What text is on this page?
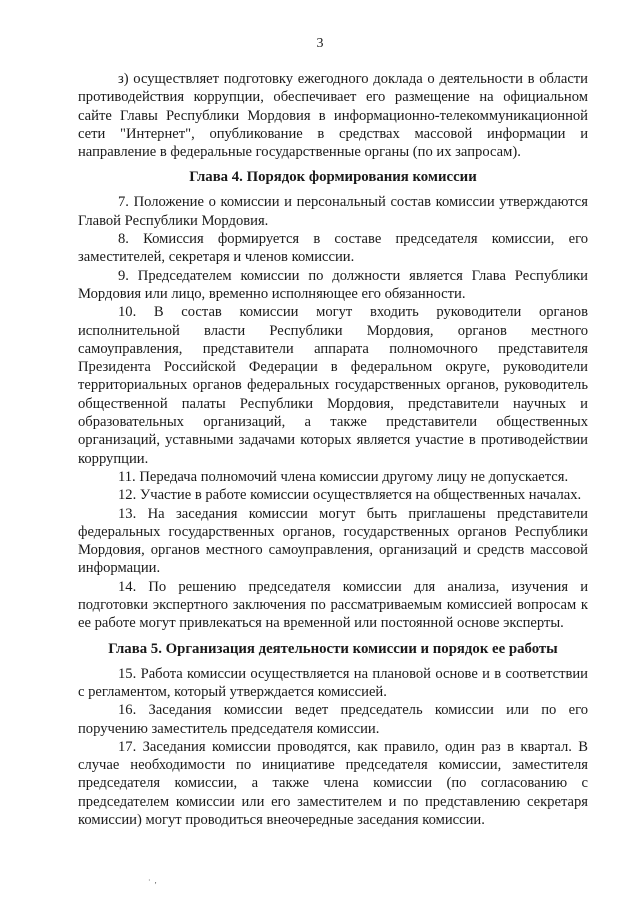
3

з) осуществляет подготовку ежегодного доклада о деятельности в области противодействия коррупции, обеспечивает его размещение на официальном сайте Главы Республики Мордовия в информационно-телекоммуникационной сети "Интернет", опубликование в средствах массовой информации и направление в федеральные государственные органы (по их запросам).

Глава 4. Порядок формирования комиссии

7. Положение о комиссии и персональный состав комиссии утверждаются Главой Республики Мордовия.

8. Комиссия формируется в составе председателя комиссии, его заместителей, секретаря и членов комиссии.

9. Председателем комиссии по должности является Глава Республики Мордовия или лицо, временно исполняющее его обязанности.

10. В состав комиссии могут входить руководители органов исполнительной власти Республики Мордовия, органов местного самоуправления, представители аппарата полномочного представителя Президента Российской Федерации в федеральном округе, руководители территориальных органов федеральных государственных органов, руководитель общественной палаты Республики Мордовия, представители научных и образовательных организаций, а также представители общественных организаций, уставными задачами которых является участие в противодействии коррупции.

11. Передача полномочий члена комиссии другому лицу не допускается.

12. Участие в работе комиссии осуществляется на общественных началах.

13. На заседания комиссии могут быть приглашены представители федеральных государственных органов, государственных органов Республики Мордовия, органов местного самоуправления, организаций и средств массовой информации.

14. По решению председателя комиссии для анализа, изучения и подготовки экспертного заключения по рассматриваемым комиссией вопросам к ее работе могут привлекаться на временной или постоянной основе эксперты.

Глава 5. Организация деятельности комиссии и порядок ее работы

15. Работа комиссии осуществляется на плановой основе и в соответствии с регламентом, который утверждается комиссией.

16. Заседания комиссии ведет председатель комиссии или по его поручению заместитель председателя комиссии.

17. Заседания комиссии проводятся, как правило, один раз в квартал. В случае необходимости по инициативе председателя комиссии, заместителя председателя комиссии, а также члена комиссии (по согласованию с председателем комиссии или его заместителем и по представлению секретаря комиссии) могут проводиться внеочередные заседания комиссии.

·  ,
